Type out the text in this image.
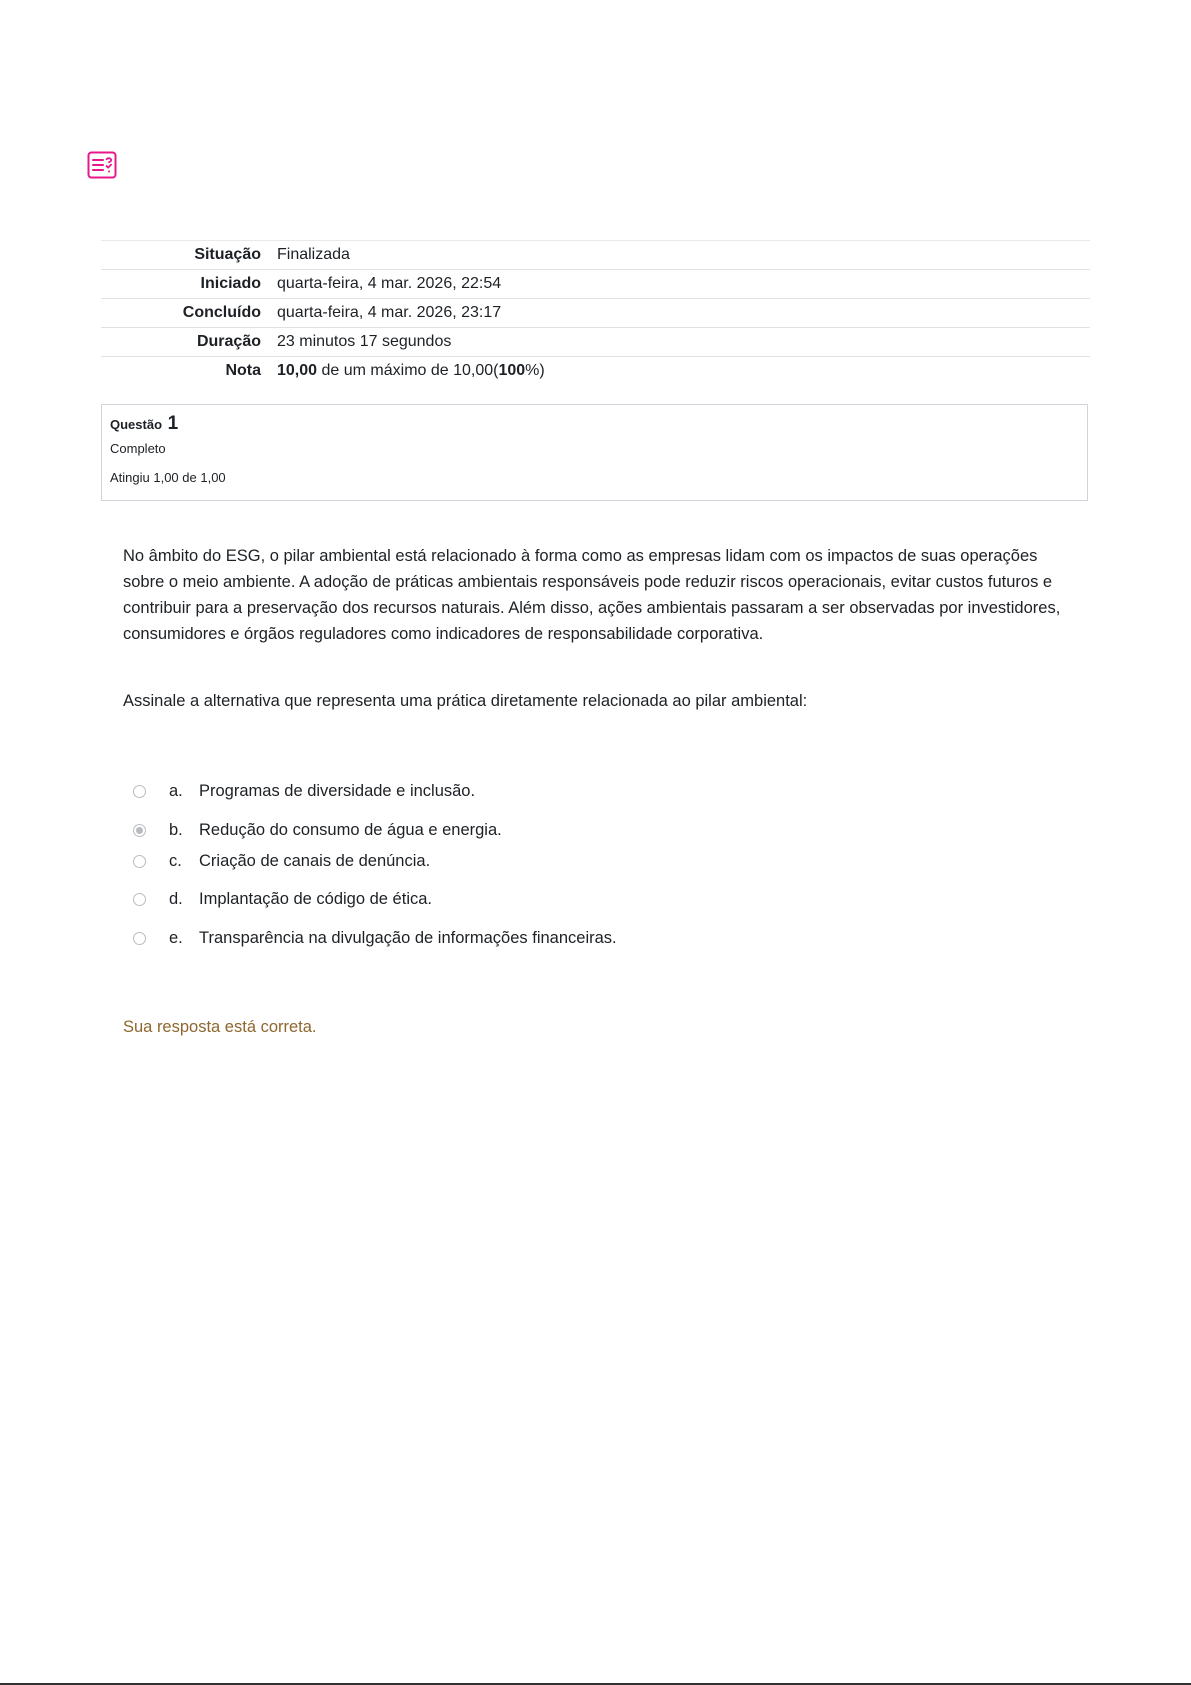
Situação	Finalizada
Iniciado	quarta-feira, 4 mar. 2026, 22:54
Concluído	quarta-feira, 4 mar. 2026, 23:17
Duração	23 minutos 17 segundos
Nota	10,00 de um máximo de 10,00(100%)
Questão 1
Completo
Atingiu 1,00 de 1,00

No âmbito do ESG, o pilar ambiental está relacionado à forma como as empresas lidam com os impactos de suas operações sobre o meio ambiente. A adoção de práticas ambientais responsáveis pode reduzir riscos operacionais, evitar custos futuros e contribuir para a preservação dos recursos naturais. Além disso, ações ambientais passaram a ser observadas por investidores, consumidores e órgãos reguladores como indicadores de responsabilidade corporativa.

Assinale a alternativa que representa uma prática diretamente relacionada ao pilar ambiental:

a. Programas de diversidade e inclusão.
b. Redução do consumo de água e energia.
c.	Criação de canais de denúncia.
d. Implantação de código de ética.
e. Transparência na divulgação de informações financeiras.
Sua resposta está correta.
